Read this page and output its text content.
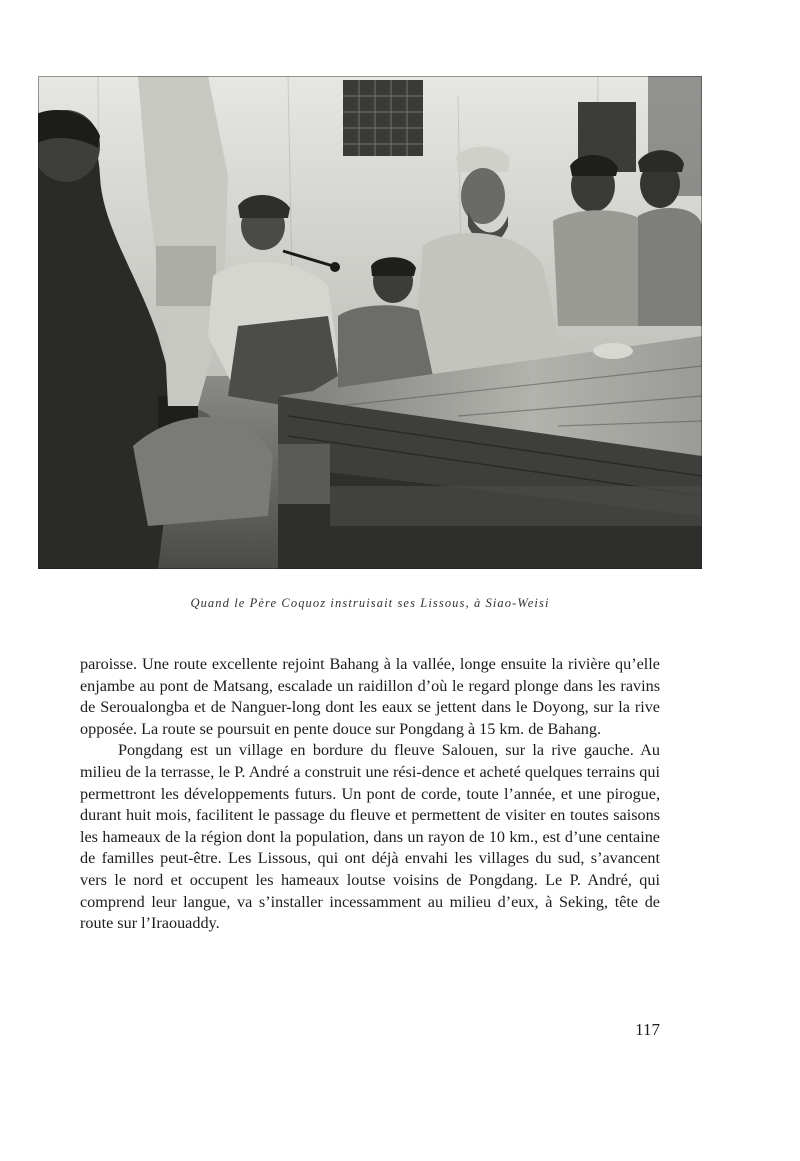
Quand le Père Coquoz instruisait ses Lissous, à Siao-Weisi

paroisse. Une route excellente rejoint Bahang à la vallée, longe ensuite la rivière qu’elle enjambe au pont de Matsang, escalade un raidillon d’où le regard plonge dans les ravins de Seroualongba et de Nanguer-long dont les eaux se jettent dans le Doyong, sur la rive opposée. La route se poursuit en pente douce sur Pongdang à 15 km. de Bahang.

Pongdang est un village en bordure du fleuve Salouen, sur la rive gauche. Au milieu de la terrasse, le P. André a construit une rési-dence et acheté quelques terrains qui permettront les développements futurs. Un pont de corde, toute l’année, et une pirogue, durant huit mois, facilitent le passage du fleuve et permettent de visiter en toutes saisons les hameaux de la région dont la population, dans un rayon de 10 km., est d’une centaine de familles peut-être. Les Lissous, qui ont déjà envahi les villages du sud, s’avancent vers le nord et occupent les hameaux loutse voisins de Pongdang. Le P. André, qui comprend leur langue, va s’installer incessamment au milieu d’eux, à Seking, tête de route sur l’Iraouaddy.

117
